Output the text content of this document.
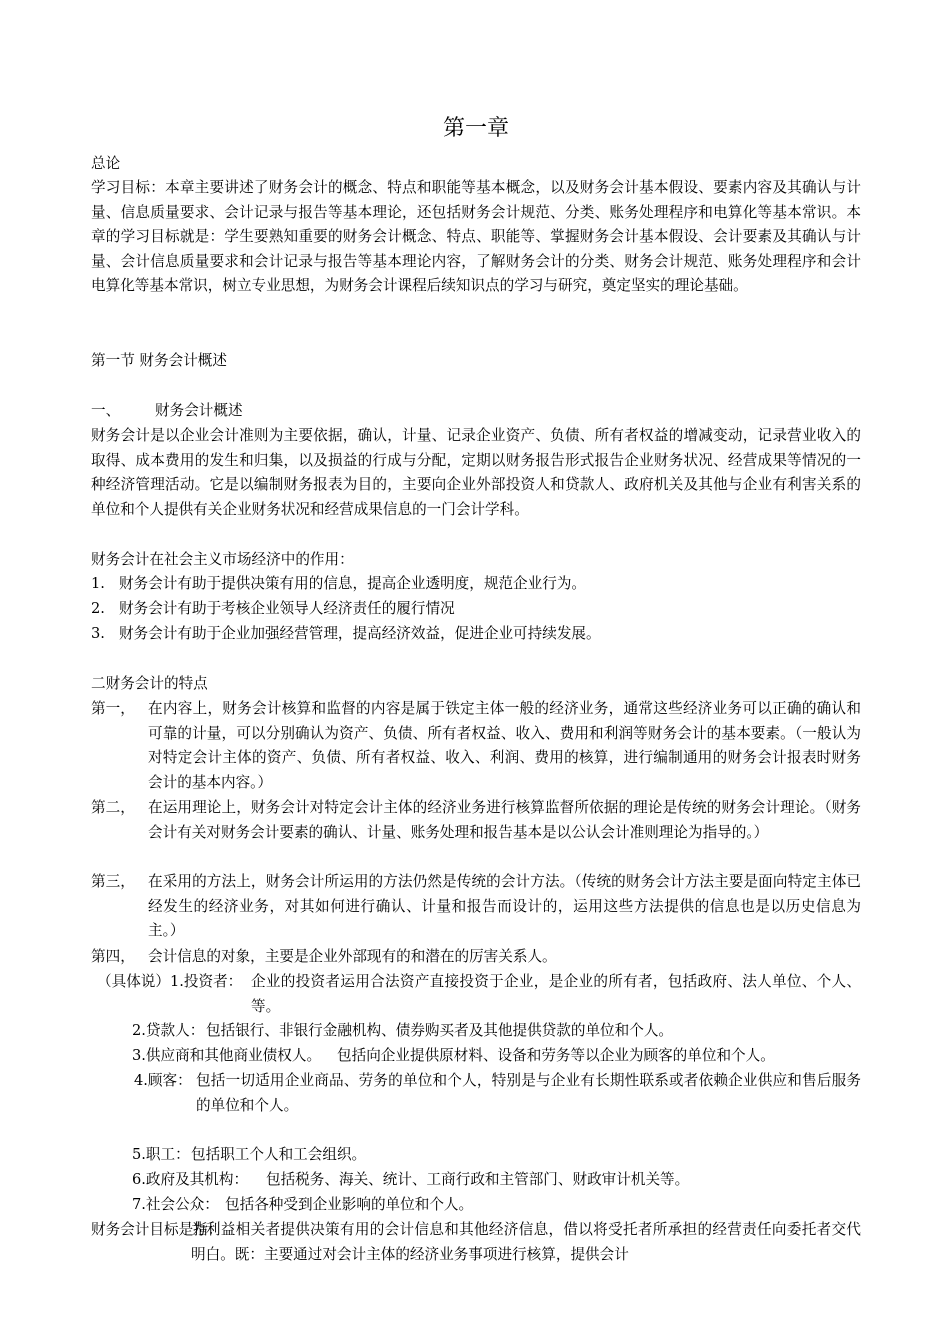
第一章
总论
学习目标：本章主要讲述了财务会计的概念、特点和职能等基本概念，以及财务会计基本假设、要素内容及其确认与计量、信息质量要求、会计记录与报告等基本理论，还包括财务会计规范、分类、账务处理程序和电算化等基本常识。本章的学习目标就是：学生要熟知重要的财务会计概念、特点、职能等、掌握财务会计基本假设、会计要素及其确认与计量、会计信息质量要求和会计记录与报告等基本理论内容，了解财务会计的分类、财务会计规范、账务处理程序和会计电算化等基本常识，树立专业思想，为财务会计课程后续知识点的学习与研究，奠定坚实的理论基础。
第一节 财务会计概述
一、 财务会计概述
财务会计是以企业会计准则为主要依据，确认，计量、记录企业资产、负债、所有者权益的增减变动，记录营业收入的取得、成本费用的发生和归集，以及损益的行成与分配，定期以财务报告形式报告企业财务状况、经营成果等情况的一种经济管理活动。它是以编制财务报表为目的，主要向企业外部投资人和贷款人、政府机关及其他与企业有利害关系的单位和个人提供有关企业财务状况和经营成果信息的一门会计学科。
财务会计在社会主义市场经济中的作用：
1. 财务会计有助于提供决策有用的信息，提高企业透明度，规范企业行为。
2. 财务会计有助于考核企业领导人经济责任的履行情况
3. 财务会计有助于企业加强经营管理，提高经济效益，促进企业可持续发展。
二财务会计的特点
第一， 在内容上，财务会计核算和监督的内容是属于铁定主体一般的经济业务，通常这些经济业务可以正确的确认和可靠的计量，可以分别确认为资产、负债、所有者权益、收入、费用和利润等财务会计的基本要素。（一般认为对特定会计主体的资产、负债、所有者权益、收入、利润、费用的核算，进行编制通用的财务会计报表时财务会计的基本内容。）
第二， 在运用理论上，财务会计对特定会计主体的经济业务进行核算监督所依据的理论是传统的财务会计理论。（财务会计有关对财务会计要素的确认、计量、账务处理和报告基本是以公认会计准则理论为指导的。）
第三， 在采用的方法上，财务会计所运用的方法仍然是传统的会计方法。（传统的财务会计方法主要是面向特定主体已经发生的经济业务，对其如何进行确认、计量和报告而设计的，运用这些方法提供的信息也是以历史信息为主。）
第四， 会计信息的对象，主要是企业外部现有的和潜在的厉害关系人。
（具体说）1.投资者： 企业的投资者运用合法资产直接投资于企业，是企业的所有者，包括政府、法人单位、个人、等。
2.贷款人： 包括银行、非银行金融机构、债券购买者及其他提供贷款的单位和个人。
3.供应商和其他商业债权人。 包括向企业提供原材料、设备和劳务等以企业为顾客的单位和个人。
4.顾客： 包括一切适用企业商品、劳务的单位和个人，特别是与企业有长期性联系或者依赖企业供应和售后服务的单位和个人。
5.职工： 包括职工个人和工会组织。
6.政府及其机构： 包括税务、海关、统计、工商行政和主管部门、财政审计机关等。
7.社会公众： 包括各种受到企业影响的单位和个人。
财务会计目标是指：
为利益相关者提供决策有用的会计信息和其他经济信息，借以将受托者所承担的经营责任向委托者交代明白。既：主要通过对会计主体的经济业务事项进行核算，提供会计
